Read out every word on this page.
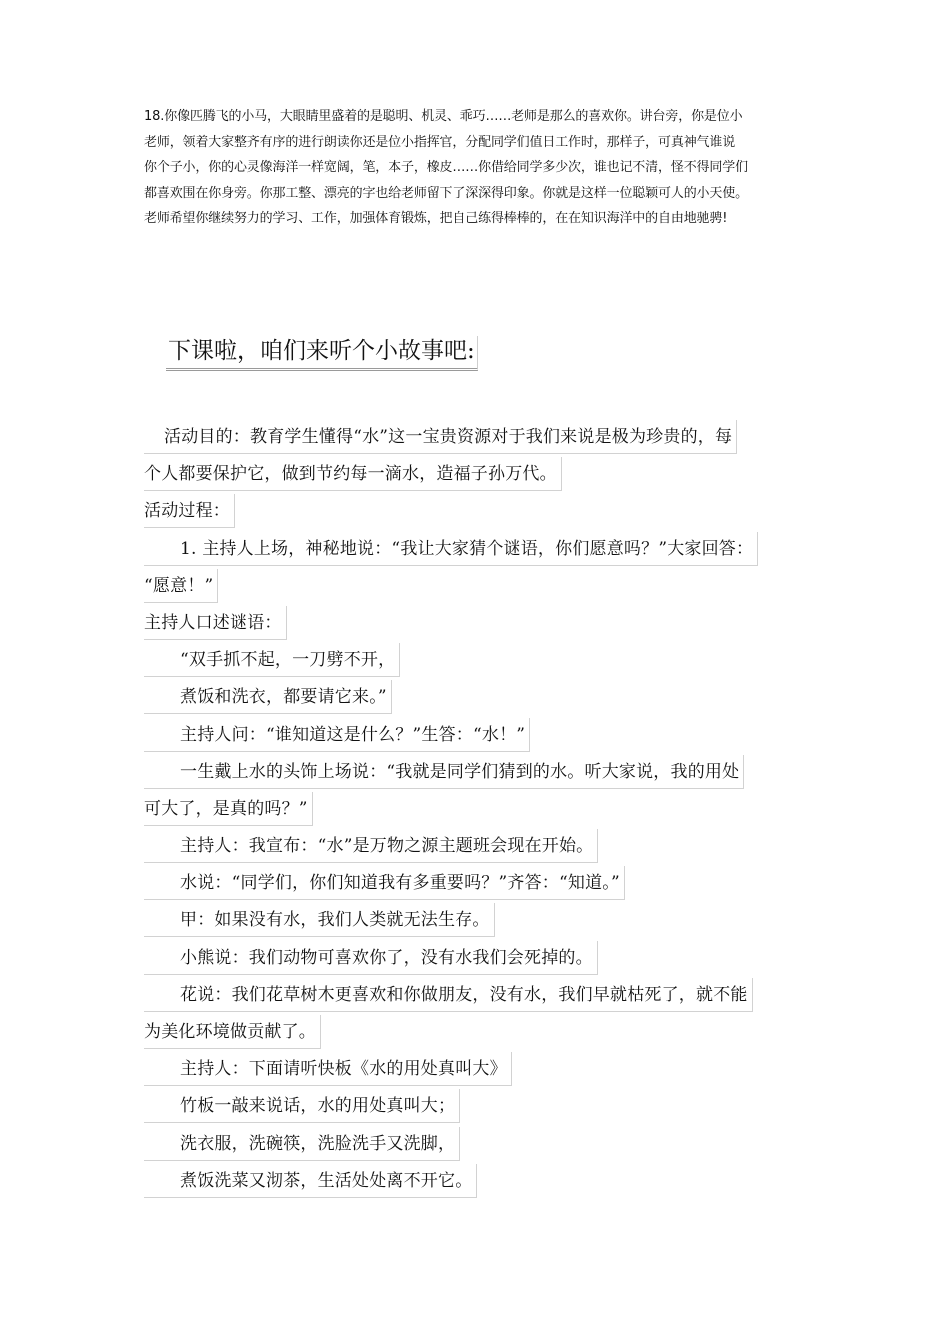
18.你像匹腾飞的小马，大眼睛里盛着的是聪明、机灵、乖巧……老师是那么的喜欢你。讲台旁，你是位小
老师，领着大家整齐有序的进行朗读你还是位小指挥官，分配同学们值日工作时，那样子，可真神气谁说
你个子小，你的心灵像海洋一样宽阔，笔，本子，橡皮……你借给同学多少次，谁也记不清，怪不得同学们
都喜欢围在你身旁。你那工整、漂亮的字也给老师留下了深深得印象。你就是这样一位聪颖可人的小天使。
老师希望你继续努力的学习、工作，加强体育锻炼，把自己练得棒棒的，在在知识海洋中的自由地驰骋!
下课啦，咱们来听个小故事吧:
活动目的：教育学生懂得“水”这一宝贵资源对于我们来说是极为珍贵的，每
个人都要保护它，做到节约每一滴水，造福子孙万代。
活动过程：
1. 主持人上场，神秘地说：“我让大家猜个谜语，你们愿意吗？”大家回答：
“愿意！”
主持人口述谜语：
“双手抓不起，一刀劈不开，
煮饭和洗衣，都要请它来。”
主持人问：“谁知道这是什么？”生答：“水！”
一生戴上水的头饰上场说：“我就是同学们猜到的水。听大家说，我的用处
可大了，是真的吗？”
主持人：我宣布：“水”是万物之源主题班会现在开始。
水说：“同学们，你们知道我有多重要吗？”齐答：“知道。”
甲：如果没有水，我们人类就无法生存。
小熊说：我们动物可喜欢你了，没有水我们会死掉的。
花说：我们花草树木更喜欢和你做朋友，没有水，我们早就枯死了，就不能
为美化环境做贡献了。
主持人：下面请听快板《水的用处真叫大》
竹板一敲来说话，水的用处真叫大；
洗衣服，洗碗筷，洗脸洗手又洗脚，
煮饭洗菜又沏茶，生活处处离不开它。
